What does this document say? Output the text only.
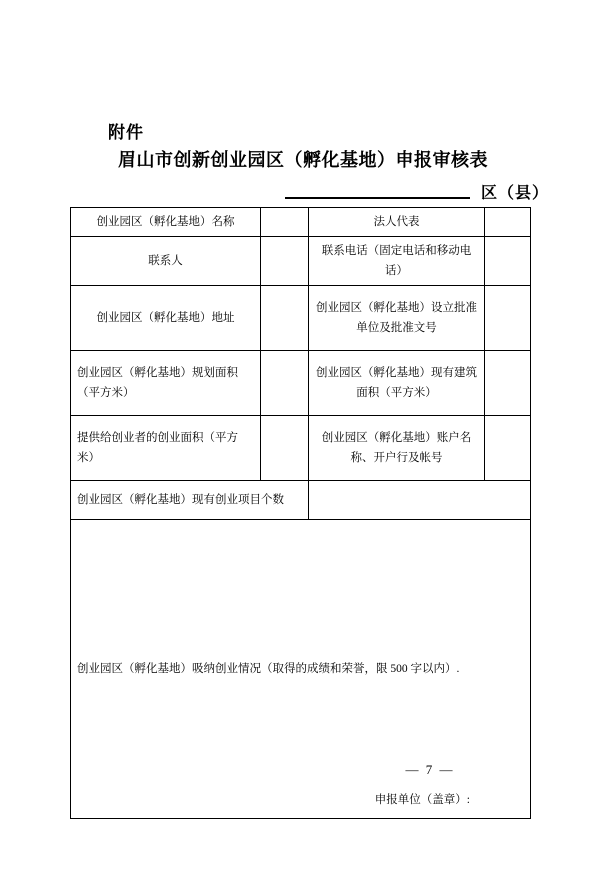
附件
眉山市创新创业园区（孵化基地）申报审核表
区（县）
创业园区（孵化基地）名称		法人代表	
联系人		联系电话（固定电话和移动电话）	
创业园区（孵化基地）地址		创业园区（孵化基地）设立批准单位及批准文号	
创业园区（孵化基地）规划面积（平方米）		创业园区（孵化基地）现有建筑面积（平方米）	
提供给创业者的创业面积（平方米）		创业园区（孵化基地）账户名称、开户行及帐号	
创业园区（孵化基地）现有创业项目个数			
创业园区（孵化基地）吸纳创业情况（取得的成绩和荣誉，限 500 字以内）.
申报单位（盖章）:			
— 7 —
